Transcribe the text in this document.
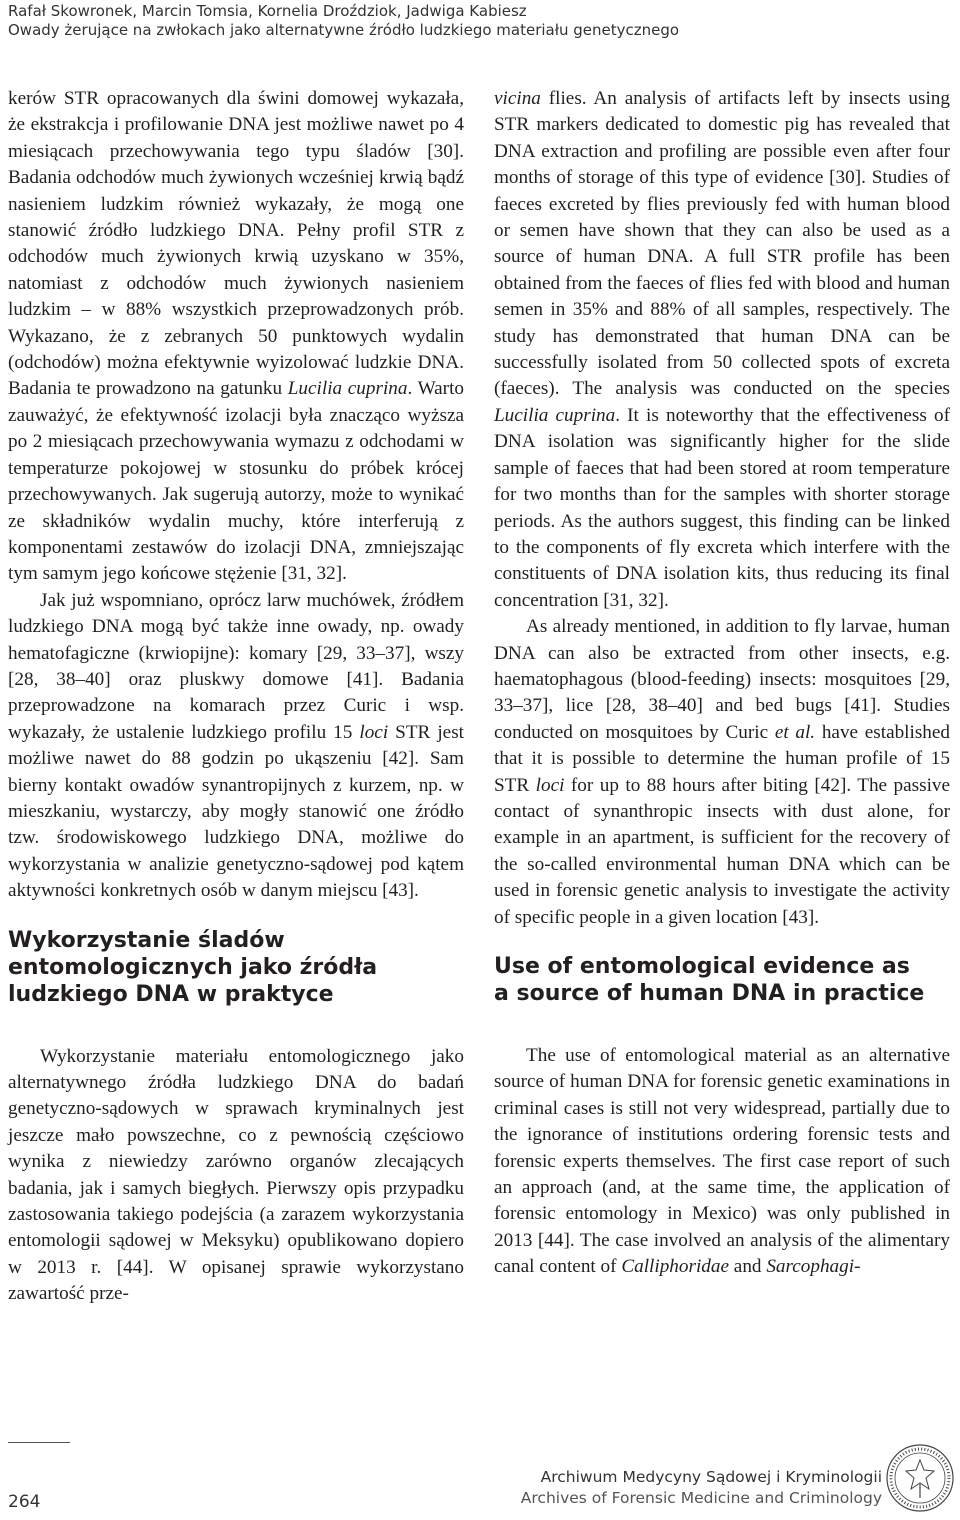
Rafał Skowronek, Marcin Tomsia, Kornelia Droździok, Jadwiga Kabiesz
Owady żerujące na zwłokach jako alternatywne źródło ludzkiego materiału genetycznego

kerów STR opracowanych dla świni domowej wykazała, że ekstrakcja i profilowanie DNA jest możliwe nawet po 4 miesiącach przechowywania tego typu śladów [30]. Badania odchodów much żywionych wcześniej krwią bądź nasieniem ludzkim również wykazały, że mogą one stanowić źródło ludzkiego DNA. Pełny profil STR z odchodów much żywionych krwią uzyskano w 35%, natomiast z odchodów much żywionych nasieniem ludzkim – w 88% wszystkich przeprowadzonych prób. Wykazano, że z zebranych 50 punktowych wydalin (odchodów) można efektywnie wyizolować ludzkie DNA. Badania te prowadzono na gatunku Lucilia cuprina. Warto zauważyć, że efektywność izolacji była znacząco wyższa po 2 miesiącach przechowywania wymazu z odchodami w temperaturze pokojowej w stosunku do próbek krócej przechowywanych. Jak sugerują autorzy, może to wynikać ze składników wydalin muchy, które interferują z komponentami zestawów do izolacji DNA, zmniejszając tym samym jego końcowe stężenie [31, 32].

Jak już wspomniano, oprócz larw muchówek, źródłem ludzkiego DNA mogą być także inne owady, np. owady hematofagiczne (krwiopijne): komary [29, 33–37], wszy [28, 38–40] oraz pluskwy domowe [41]. Badania przeprowadzone na komarach przez Curic i wsp. wykazały, że ustalenie ludzkiego profilu 15 loci STR jest możliwe nawet do 88 godzin po ukąszeniu [42]. Sam bierny kontakt owadów synantropijnych z kurzem, np. w mieszkaniu, wystarczy, aby mogły stanowić one źródło tzw. środowiskowego ludzkiego DNA, możliwe do wykorzystania w analizie genetyczno-sądowej pod kątem aktywności konkretnych osób w danym miejscu [43].

Wykorzystanie śladów
entomologicznych jako źródła
ludzkiego DNA w praktyce

Wykorzystanie materiału entomologicznego jako alternatywnego źródła ludzkiego DNA do badań genetyczno-sądowych w sprawach kryminalnych jest jeszcze mało powszechne, co z pewnością częściowo wynika z niewiedzy zarówno organów zlecających badania, jak i samych biegłych. Pierwszy opis przypadku zastosowania takiego podejścia (a zarazem wykorzystania entomologii sądowej w Meksyku) opublikowano dopiero w 2013 r. [44]. W opisanej sprawie wykorzystano zawartość prze-

vicina flies. An analysis of artifacts left by insects using STR markers dedicated to domestic pig has revealed that DNA extraction and profiling are possible even after four months of storage of this type of evidence [30]. Studies of faeces excreted by flies previously fed with human blood or semen have shown that they can also be used as a source of human DNA. A full STR profile has been obtained from the faeces of flies fed with blood and human semen in 35% and 88% of all samples, respectively. The study has demonstrated that human DNA can be successfully isolated from 50 collected spots of excreta (faeces). The analysis was conducted on the species Lucilia cuprina. It is noteworthy that the effectiveness of DNA isolation was significantly higher for the slide sample of faeces that had been stored at room temperature for two months than for the samples with shorter storage periods. As the authors suggest, this finding can be linked to the components of fly excreta which interfere with the constituents of DNA isolation kits, thus reducing its final concentration [31, 32].

As already mentioned, in addition to fly larvae, human DNA can also be extracted from other insects, e.g. haematophagous (blood-feeding) insects: mosquitoes [29, 33–37], lice [28, 38–40] and bed bugs [41]. Studies conducted on mosquitoes by Curic et al. have established that it is possible to determine the human profile of 15 STR loci for up to 88 hours after biting [42]. The passive contact of synanthropic insects with dust alone, for example in an apartment, is sufficient for the recovery of the so-called environmental human DNA which can be used in forensic genetic analysis to investigate the activity of specific people in a given location [43].

Use of entomological evidence as
a source of human DNA in practice

The use of entomological material as an alternative source of human DNA for forensic genetic examinations in criminal cases is still not very widespread, partially due to the ignorance of institutions ordering forensic tests and forensic experts themselves. The first case report of such an approach (and, at the same time, the application of forensic entomology in Mexico) was only published in 2013 [44]. The case involved an analysis of the alimentary canal content of Calliphoridae and Sarcophagi-

264
Archiwum Medycyny Sądowej i Kryminologii
Archives of Forensic Medicine and Criminology
